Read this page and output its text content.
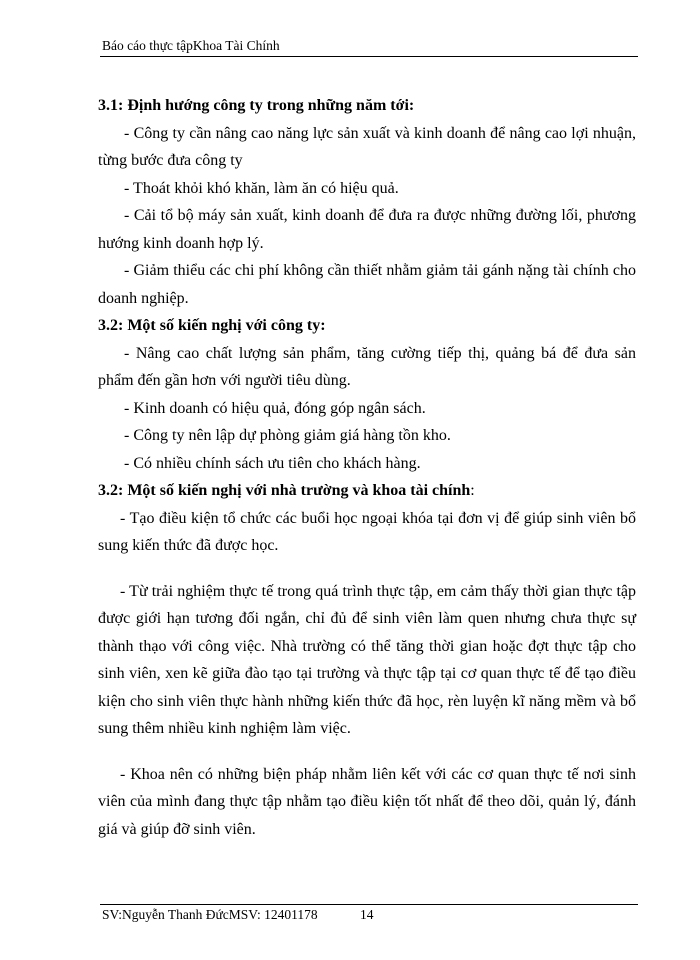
Báo cáo thực tậpKhoa Tài Chính

3.1: Định hướng công ty trong những năm tới:

- Công ty cần nâng cao năng lực sản xuất và kinh doanh để nâng cao lợi nhuận, từng bước đưa công ty

- Thoát khỏi khó khăn, làm ăn có hiệu quả.

- Cải tổ bộ máy sản xuất, kinh doanh để đưa ra được những đường lối, phương hướng kinh doanh hợp lý.

- Giảm thiểu các chi phí không cần thiết nhằm giảm tải gánh nặng tài chính cho doanh nghiệp.

3.2: Một số kiến nghị với công ty:

- Nâng cao chất lượng sản phẩm, tăng cường tiếp thị, quảng bá để đưa sản phẩm đến gần hơn với người tiêu dùng.

- Kinh doanh có hiệu quả, đóng góp ngân sách.

- Công ty nên lập dự phòng giảm giá hàng tồn kho.

- Có nhiều chính sách ưu tiên cho khách hàng.

3.2: Một số kiến nghị với nhà trường và khoa tài chính:

- Tạo điều kiện tổ chức các buổi học ngoại khóa tại đơn vị để giúp sinh viên bổ sung kiến thức đã được học.

- Từ trải nghiệm thực tế trong quá trình thực tập, em cảm thấy thời gian thực tập được giới hạn tương đối ngắn, chỉ đủ để sinh viên làm quen nhưng chưa thực sự thành thạo với công việc. Nhà trường có thể tăng thời gian hoặc đợt thực tập cho sinh viên, xen kẽ giữa đào tạo tại trường và thực tập tại cơ quan thực tế để tạo điều kiện cho sinh viên thực hành những kiến thức đã học, rèn luyện kĩ năng mềm và bổ sung thêm nhiều kinh nghiệm làm việc.

- Khoa nên có những biện pháp nhằm liên kết với các cơ quan thực tế nơi sinh viên của mình đang thực tập nhằm tạo điều kiện tốt nhất để theo dõi, quản lý, đánh giá và giúp đỡ sinh viên.

SV:Nguyễn Thanh ĐứcMSV: 12401178	14
